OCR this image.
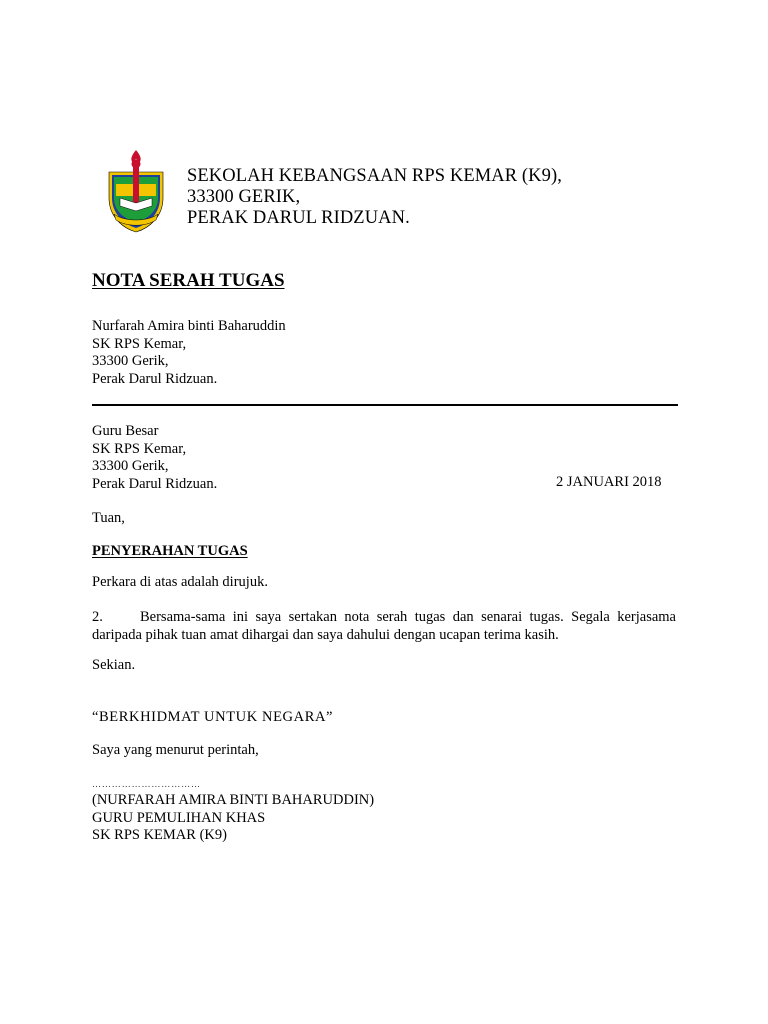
SEKOLAH KEBANGSAAN RPS KEMAR (K9),
33300 GERIK,
PERAK DARUL RIDZUAN.
NOTA SERAH TUGAS
Nurfarah Amira binti Baharuddin
SK RPS Kemar,
33300 Gerik,
Perak Darul Ridzuan.
Guru Besar
SK RPS Kemar,
33300 Gerik,
Perak Darul Ridzuan.	2 JANUARI 2018
Tuan,
PENYERAHAN TUGAS
Perkara di atas adalah dirujuk.
2.	Bersama-sama ini saya sertakan nota serah tugas dan senarai tugas. Segala kerjasama daripada pihak tuan amat dihargai dan saya dahului dengan ucapan terima kasih.
Sekian.
“BERKHIDMAT UNTUK NEGARA”
Saya yang menurut perintah,
……………………………
(NURFARAH AMIRA BINTI BAHARUDDIN)
GURU PEMULIHAN KHAS
SK RPS KEMAR (K9)
